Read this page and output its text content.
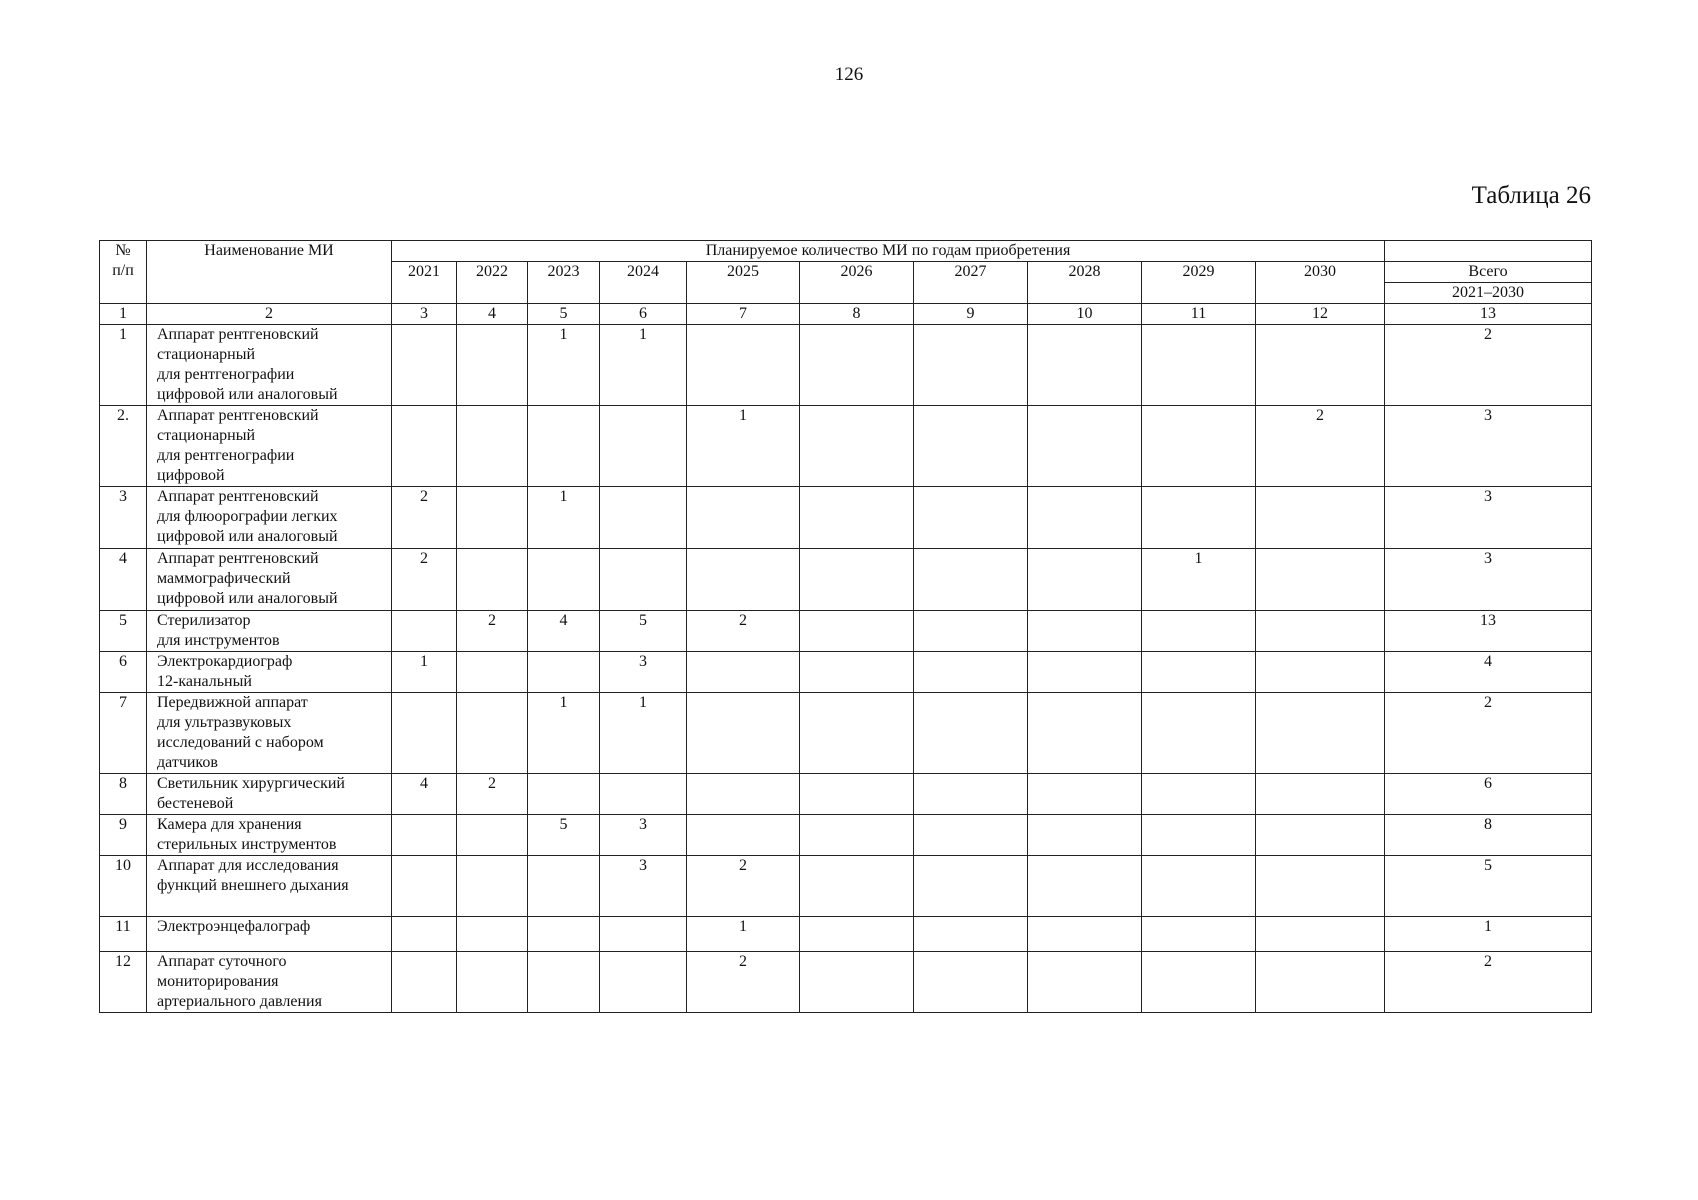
126
Таблица 26
№
п/п	Наименование МИ	Планируемое количество МИ по годам приобретения										
		2021	2022	2023	2024	2025	2026	2027	2028	2029	2030	Всего
												2021–2030
1	2	3	4	5	6	7	8	9	10	11	12	13
1	Аппарат рентгеновский
стационарный
для рентгенографии
цифровой или аналоговый			1	1							2
2.	Аппарат рентгеновский
стационарный
для рентгенографии
цифровой					1					2	3
3	Аппарат рентгеновский
для флюорографии легких
цифровой или аналоговый	2		1								3
4	Аппарат рентгеновский
маммографический
цифровой или аналоговый	2								1		3
5	Стерилизатор
для инструментов		2	4	5	2						13
6	Электрокардиограф
12-канальный	1			3							4
7	Передвижной аппарат
для ультразвуковых
исследований с набором
датчиков			1	1							2
8	Светильник хирургический
бестеневой	4	2									6
9	Камера для хранения
стерильных инструментов			5	3							8
10	Аппарат для исследования
функций внешнего дыхания				3	2						5
11	Электроэнцефалограф					1						1
12	Аппарат суточного
мониторирования
артериального давления					2						2
